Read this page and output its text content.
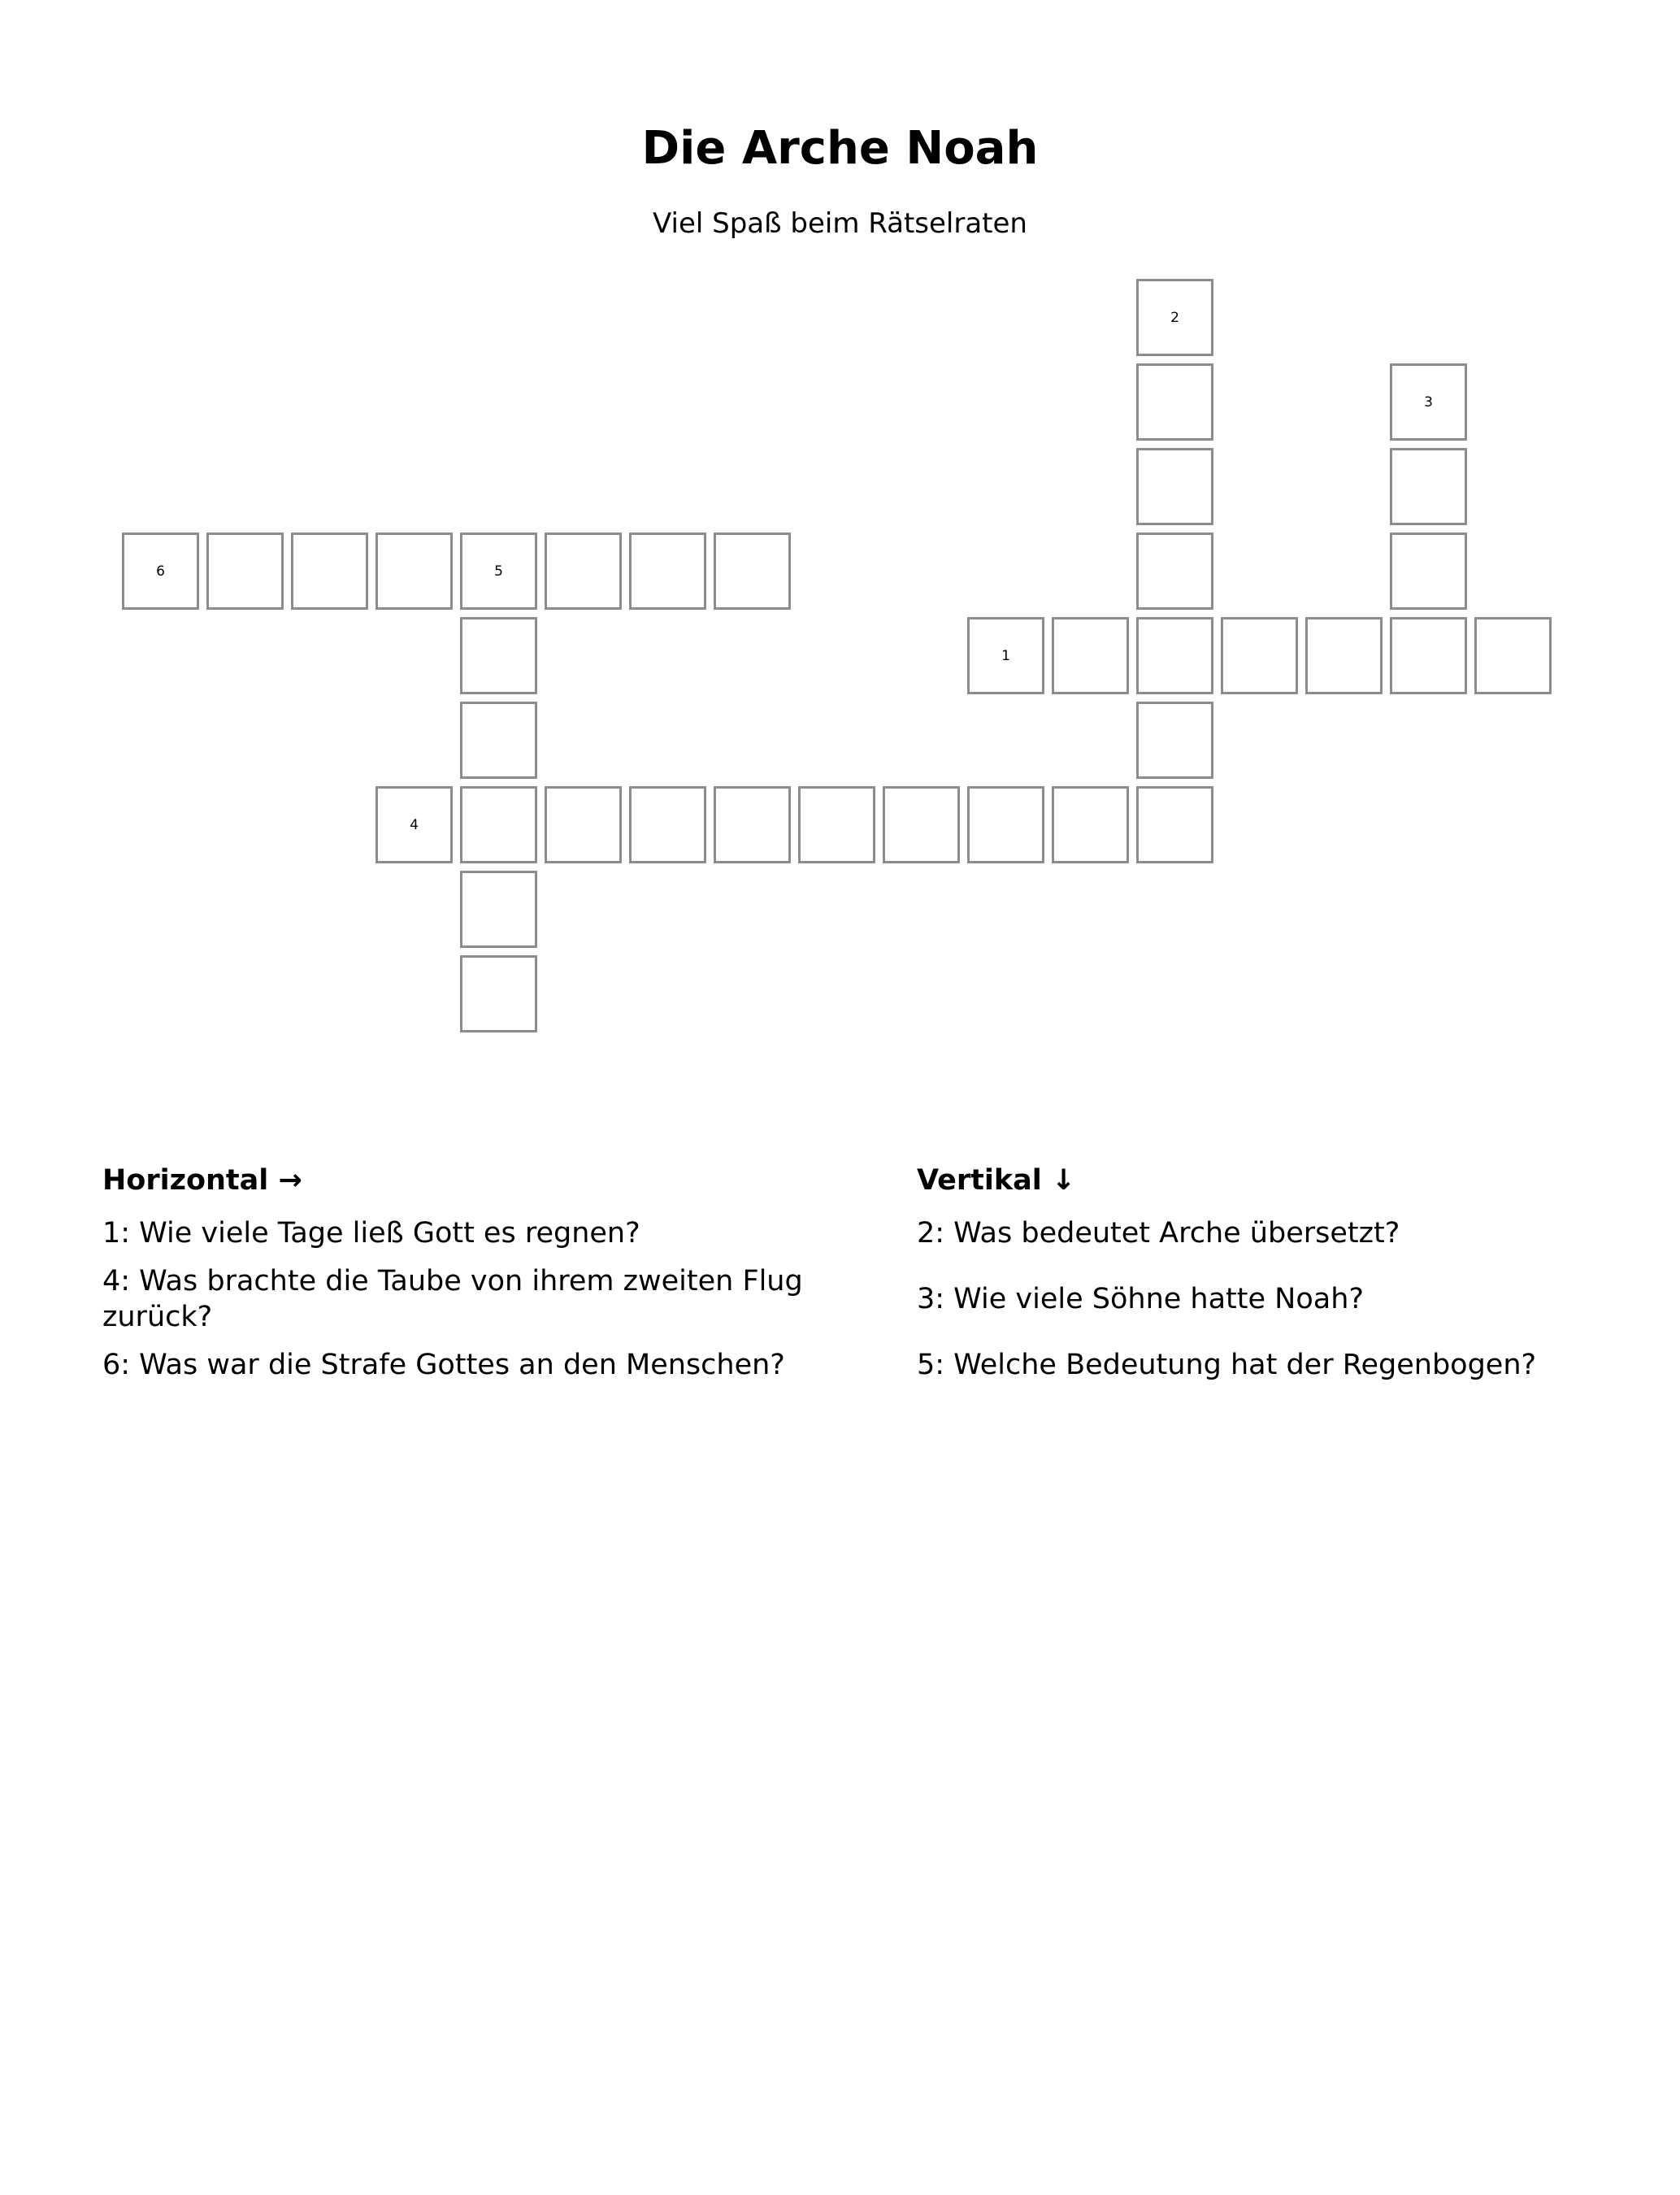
Die Arche Noah
Viel Spaß beim Rätselraten
2
3
6	5
1
4
Horizontal →
1: Wie viele Tage ließ Gott es regnen?
4: Was brachte die Taube von ihrem zweiten Flug zurück?
6: Was war die Strafe Gottes an den Menschen?
Vertikal ↓
2: Was bedeutet Arche übersetzt?
3: Wie viele Söhne hatte Noah?
5: Welche Bedeutung hat der Regenbogen?
